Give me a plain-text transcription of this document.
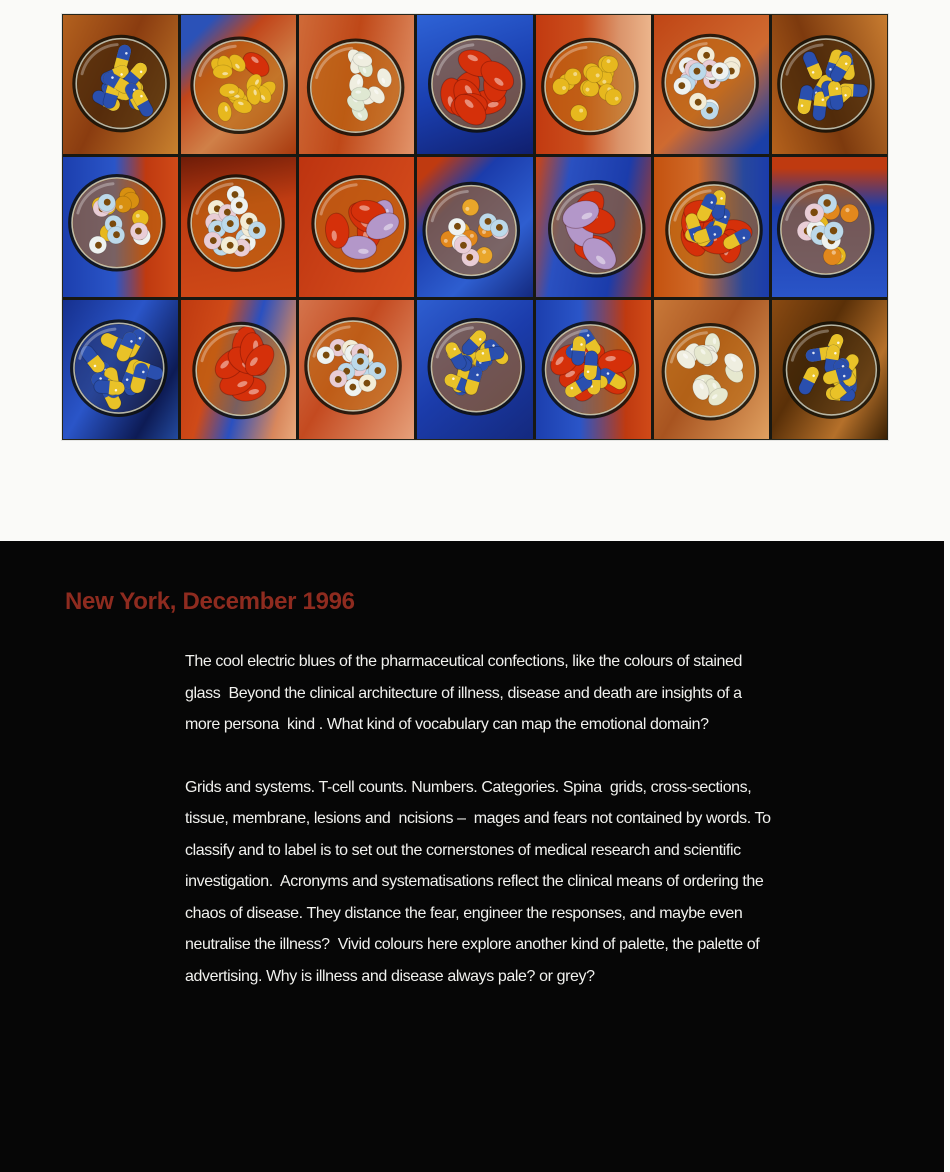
New York, December 1996

The cool electric blues of the pharmaceutical confections, like the colours of stained glass  Beyond the clinical architecture of illness, disease and death are insights of a more persona  kind . What kind of vocabulary can map the emotional domain?

Grids and systems. T-cell counts. Numbers. Categories. Spina  grids, cross-sections, tissue, membrane, lesions and  ncisions –  mages and fears not contained by words. To classify and to label is to set out the cornerstones of medical research and scientific investigation.  Acronyms and systematisations reflect the clinical means of ordering the chaos of disease. They distance the fear, engineer the responses, and maybe even neutralise the illness?  Vivid colours here explore another kind of palette, the palette of advertising. Why is illness and disease always pale? or grey?
